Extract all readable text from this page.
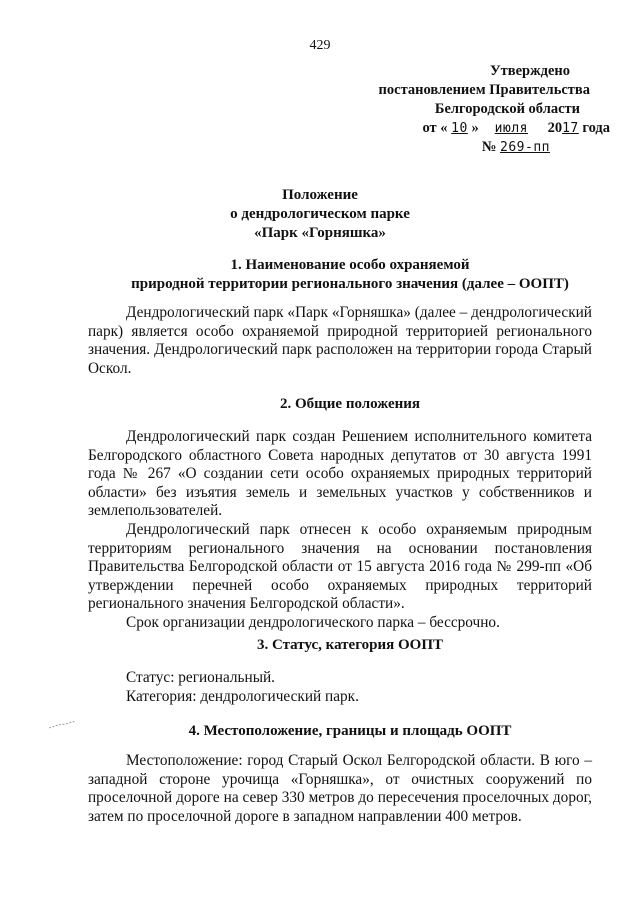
429
Утверждено
постановлением Правительства
Белгородской области
от « 10 » июля 2017 года
№ 269-пп
Положение
о дендрологическом парке
«Парк «Горняшка»
1. Наименование особо охраняемой
природной территории регионального значения (далее – ООПТ)

Дендрологический парк «Парк «Горняшка» (далее – дендрологический парк) является особо охраняемой природной территорией регионального значения. Дендрологический парк расположен на территории города Старый Оскол.

2. Общие положения

Дендрологический парк создан Решением исполнительного комитета Белгородского областного Совета народных депутатов от 30 августа 1991 года № 267 «О создании сети особо охраняемых природных территорий области» без изъятия земель и земельных участков у собственников и землепользователей.

Дендрологический парк отнесен к особо охраняемым природным территориям регионального значения на основании постановления Правительства Белгородской области от 15 августа 2016 года № 299-пп «Об утверждении перечней особо охраняемых природных территорий регионального значения Белгородской области».

Срок организации дендрологического парка – бессрочно.

3. Статус, категория ООПТ

Статус: региональный.

Категория: дендрологический парк.

4. Местоположение, границы и площадь ООПТ

Местоположение: город Старый Оскол Белгородской области. В юго – западной стороне урочища «Горняшка», от очистных сооружений по проселочной дороге на север 330 метров до пересечения проселочных дорог, затем по проселочной дороге в западном направлении 400 метров.
